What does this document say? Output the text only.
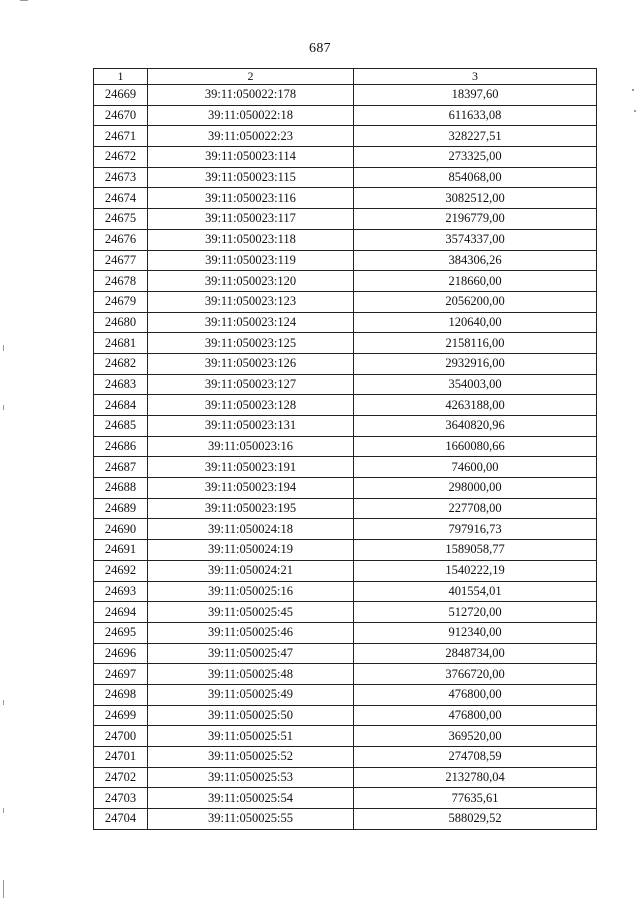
687
1	2	3
24669	39:11:050022:178	18397,60
24670	39:11:050022:18	611633,08
24671	39:11:050022:23	328227,51
24672	39:11:050023:114	273325,00
24673	39:11:050023:115	854068,00
24674	39:11:050023:116	3082512,00
24675	39:11:050023:117	2196779,00
24676	39:11:050023:118	3574337,00
24677	39:11:050023:119	384306,26
24678	39:11:050023:120	218660,00
24679	39:11:050023:123	2056200,00
24680	39:11:050023:124	120640,00
24681	39:11:050023:125	2158116,00
24682	39:11:050023:126	2932916,00
24683	39:11:050023:127	354003,00
24684	39:11:050023:128	4263188,00
24685	39:11:050023:131	3640820,96
24686	39:11:050023:16	1660080,66
24687	39:11:050023:191	74600,00
24688	39:11:050023:194	298000,00
24689	39:11:050023:195	227708,00
24690	39:11:050024:18	797916,73
24691	39:11:050024:19	1589058,77
24692	39:11:050024:21	1540222,19
24693	39:11:050025:16	401554,01
24694	39:11:050025:45	512720,00
24695	39:11:050025:46	912340,00
24696	39:11:050025:47	2848734,00
24697	39:11:050025:48	3766720,00
24698	39:11:050025:49	476800,00
24699	39:11:050025:50	476800,00
24700	39:11:050025:51	369520,00
24701	39:11:050025:52	274708,59
24702	39:11:050025:53	2132780,04
24703	39:11:050025:54	77635,61
24704	39:11:050025:55	588029,52
